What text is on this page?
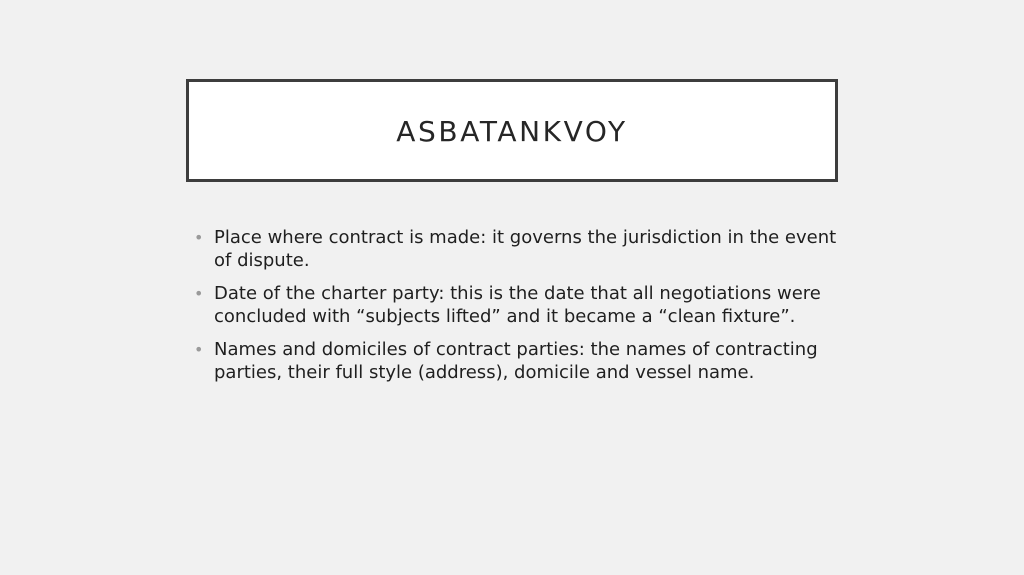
ASBATANKVOY
• Place where contract is made: it governs the jurisdiction in the event of dispute.
• Date of the charter party: this is the date that all negotiations were concluded with “subjects lifted” and it became a “clean fixture”.
• Names and domiciles of contract parties: the names of contracting parties, their full style (address), domicile and vessel name.
